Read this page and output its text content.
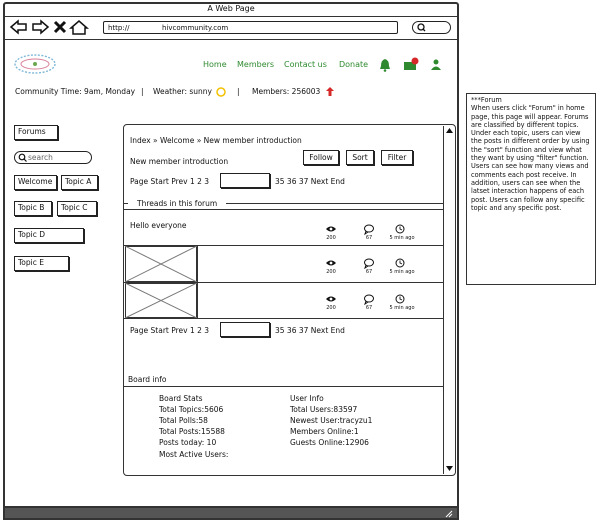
A Web Page
http://	hivcommunity.com
Home Members Contact us Donate
Community Time: 9am, Monday | Weather: sunny	| Members: 256003
Forums
search
Welcome	Topic A
Topic B	Topic C
Topic D
Topic E
Index » Welcome » New member introduction
New member introduction	Follow	Sort	Filter
Page Start Prev 1 2 3	35 36 37 Next End
Threads in this forum
Hello everyone
200	67	5 min ago
200	67	5 min ago
200	67	5 min ago
Page Start Prev 1 2 3	35 36 37 Next End
Board info
Board Stats
Total Topics:5606
Total Polls:58
Total Posts:15588
Posts today: 10
Most Active Users:
User Info
Total Users:83597
Newest User:tracyzu1
Members Online:1
Guests Online:12906
***Forum
When users click "Forum" in home page, this page will appear. Forums are classified by different topics. Under each topic, users can view the posts in different order by using the "sort" function and view what they want by using "filter" function. Users can see how many views and comments each post receive. In addition, users can see when the latset interaction happens of each post. Users can follow any specific topic and any specific post.
